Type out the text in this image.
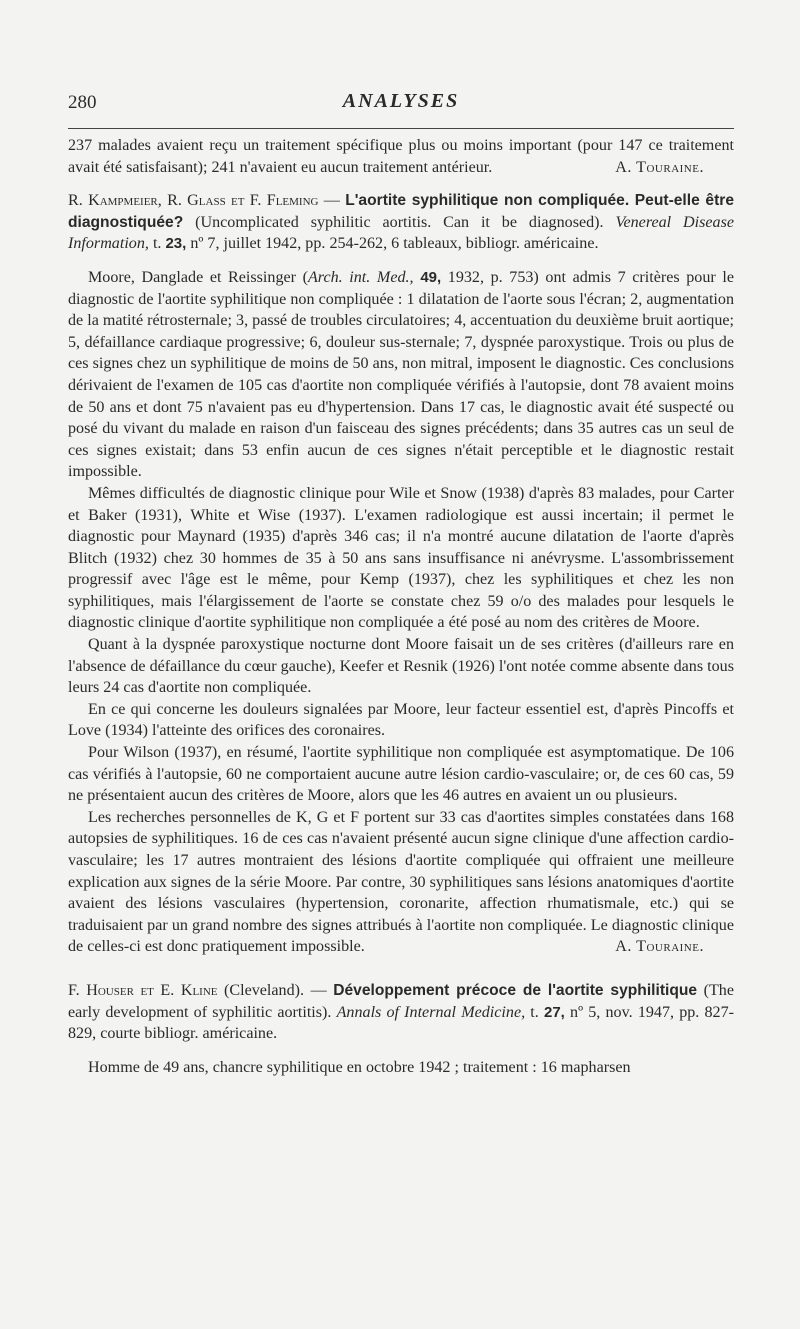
280	ANALYSES

237 malades avaient reçu un traitement spécifique plus ou moins important (pour 147 ce traitement avait été satisfaisant); 241 n'avaient eu aucun traitement antérieur.	A. Touraine.

R. Kampmeier, R. Glass et F. Fleming — L'aortite syphilitique non compliquée. Peut-elle être diagnostiquée? (Uncomplicated syphilitic aortitis. Can it be diagnosed). Venereal Disease Information, t. 23, nº 7, juillet 1942, pp. 254-262, 6 tableaux, bibliogr. américaine.

Moore, Danglade et Reissinger (Arch. int. Med., 49, 1932, p. 753) ont admis 7 critères pour le diagnostic de l'aortite syphilitique non compliquée : 1 dilatation de l'aorte sous l'écran; 2, augmentation de la matité rétrosternale; 3, passé de troubles circulatoires; 4, accentuation du deuxième bruit aortique; 5, défaillance cardiaque progressive; 6, douleur sus-sternale; 7, dyspnée paroxystique. Trois ou plus de ces signes chez un syphilitique de moins de 50 ans, non mitral, imposent le diagnostic. Ces conclusions dérivaient de l'examen de 105 cas d'aortite non compliquée vérifiés à l'autopsie, dont 78 avaient moins de 50 ans et dont 75 n'avaient pas eu d'hypertension. Dans 17 cas, le diagnostic avait été suspecté ou posé du vivant du malade en raison d'un faisceau des signes précédents; dans 35 autres cas un seul de ces signes existait; dans 53 enfin aucun de ces signes n'était perceptible et le diagnostic restait impossible.

Mêmes difficultés de diagnostic clinique pour Wile et Snow (1938) d'après 83 malades, pour Carter et Baker (1931), White et Wise (1937). L'examen radiologique est aussi incertain; il permet le diagnostic pour Maynard (1935) d'après 346 cas; il n'a montré aucune dilatation de l'aorte d'après Blitch (1932) chez 30 hommes de 35 à 50 ans sans insuffisance ni anévrysme. L'assombrissement progressif avec l'âge est le même, pour Kemp (1937), chez les syphilitiques et chez les non syphilitiques, mais l'élargissement de l'aorte se constate chez 59 o/o des malades pour lesquels le diagnostic clinique d'aortite syphilitique non compliquée a été posé au nom des critères de Moore.

Quant à la dyspnée paroxystique nocturne dont Moore faisait un de ses critères (d'ailleurs rare en l'absence de défaillance du cœur gauche), Keefer et Resnik (1926) l'ont notée comme absente dans tous leurs 24 cas d'aortite non compliquée.

En ce qui concerne les douleurs signalées par Moore, leur facteur essentiel est, d'après Pincoffs et Love (1934) l'atteinte des orifices des coronaires.

Pour Wilson (1937), en résumé, l'aortite syphilitique non compliquée est asymptomatique. De 106 cas vérifiés à l'autopsie, 60 ne comportaient aucune autre lésion cardio-vasculaire; or, de ces 60 cas, 59 ne présentaient aucun des critères de Moore, alors que les 46 autres en avaient un ou plusieurs.

Les recherches personnelles de K, G et F portent sur 33 cas d'aortites simples constatées dans 168 autopsies de syphilitiques. 16 de ces cas n'avaient présenté aucun signe clinique d'une affection cardio-vasculaire; les 17 autres montraient des lésions d'aortite compliquée qui offraient une meilleure explication aux signes de la série Moore. Par contre, 30 syphilitiques sans lésions anatomiques d'aortite avaient des lésions vasculaires (hypertension, coronarite, affection rhumatismale, etc.) qui se traduisaient par un grand nombre des signes attribués à l'aortite non compliquée. Le diagnostic clinique de celles-ci est donc pratiquement impossible.	A. Touraine.

F. Houser et E. Kline (Cleveland). — Développement précoce de l'aortite syphilitique (The early development of syphilitic aortitis). Annals of Internal Medicine, t. 27, nº 5, nov. 1947, pp. 827-829, courte bibliogr. américaine.

Homme de 49 ans, chancre syphilitique en octobre 1942 ; traitement : 16 mapharsen
